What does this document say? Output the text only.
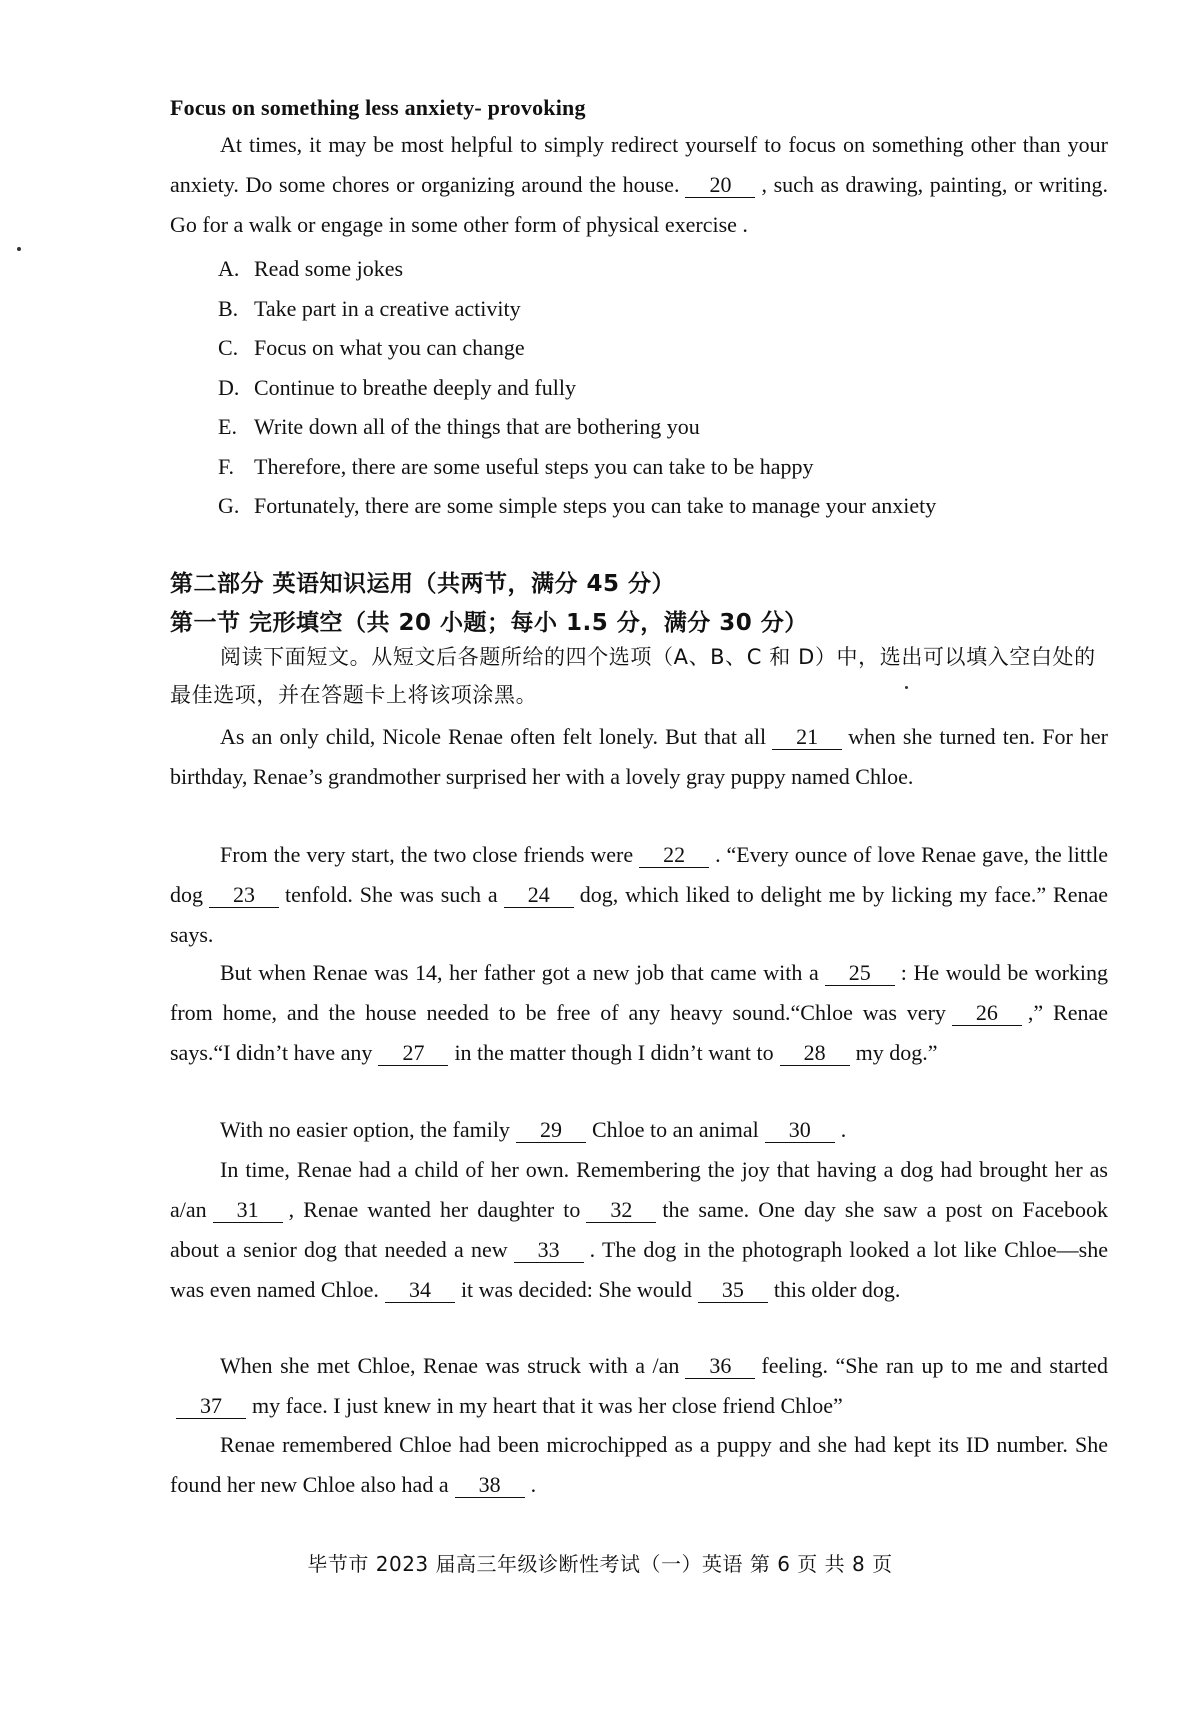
Focus on something less anxiety- provoking
At times, it may be most helpful to simply redirect yourself to focus on something other than your anxiety. Do some chores or organizing around the house. 20 , such as drawing, painting, or writing. Go for a walk or engage in some other form of physical exercise .
A. Read some jokes
B. Take part in a creative activity
C. Focus on what you can change
D. Continue to breathe deeply and fully
E. Write down all of the things that are bothering you
F. Therefore, there are some useful steps you can take to be happy
G. Fortunately, there are some simple steps you can take to manage your anxiety
第二部分 英语知识运用（共两节，满分 45 分）
第一节 完形填空（共 20 小题；每小 1.5 分，满分 30 分）
阅读下面短文。从短文后各题所给的四个选项（A、B、C 和 D）中，选出可以填入空白处的最佳选项，并在答题卡上将该项涂黑。
As an only child, Nicole Renae often felt lonely. But that all 21 when she turned ten. For her birthday, Renae’s grandmother surprised her with a lovely gray puppy named Chloe.
From the very start, the two close friends were 22 . “Every ounce of love Renae gave, the little dog 23 tenfold. She was such a 24 dog, which liked to delight me by licking my face.” Renae says.
But when Renae was 14, her father got a new job that came with a 25 : He would be working from home, and the house needed to be free of any heavy sound.“Chloe was very 26 ,” Renae says.“I didn’t have any 27 in the matter though I didn’t want to 28 my dog.”
With no easier option, the family 29 Chloe to an animal 30 .
In time, Renae had a child of her own. Remembering the joy that having a dog had brought her as a/an 31 , Renae wanted her daughter to 32 the same. One day she saw a post on Facebook about a senior dog that needed a new 33 . The dog in the photograph looked a lot like Chloe—she was even named Chloe. 34 it was decided: She would 35 this older dog.
When she met Chloe, Renae was struck with a /an 36 feeling. “She ran up to me and started37 my face. I just knew in my heart that it was her close friend Chloe”
Renae remembered Chloe had been microchipped as a puppy and she had kept its ID number. She found her new Chloe also had a 38 .
毕节市 2023 届高三年级诊断性考试（一）英语 第 6 页 共 8 页
